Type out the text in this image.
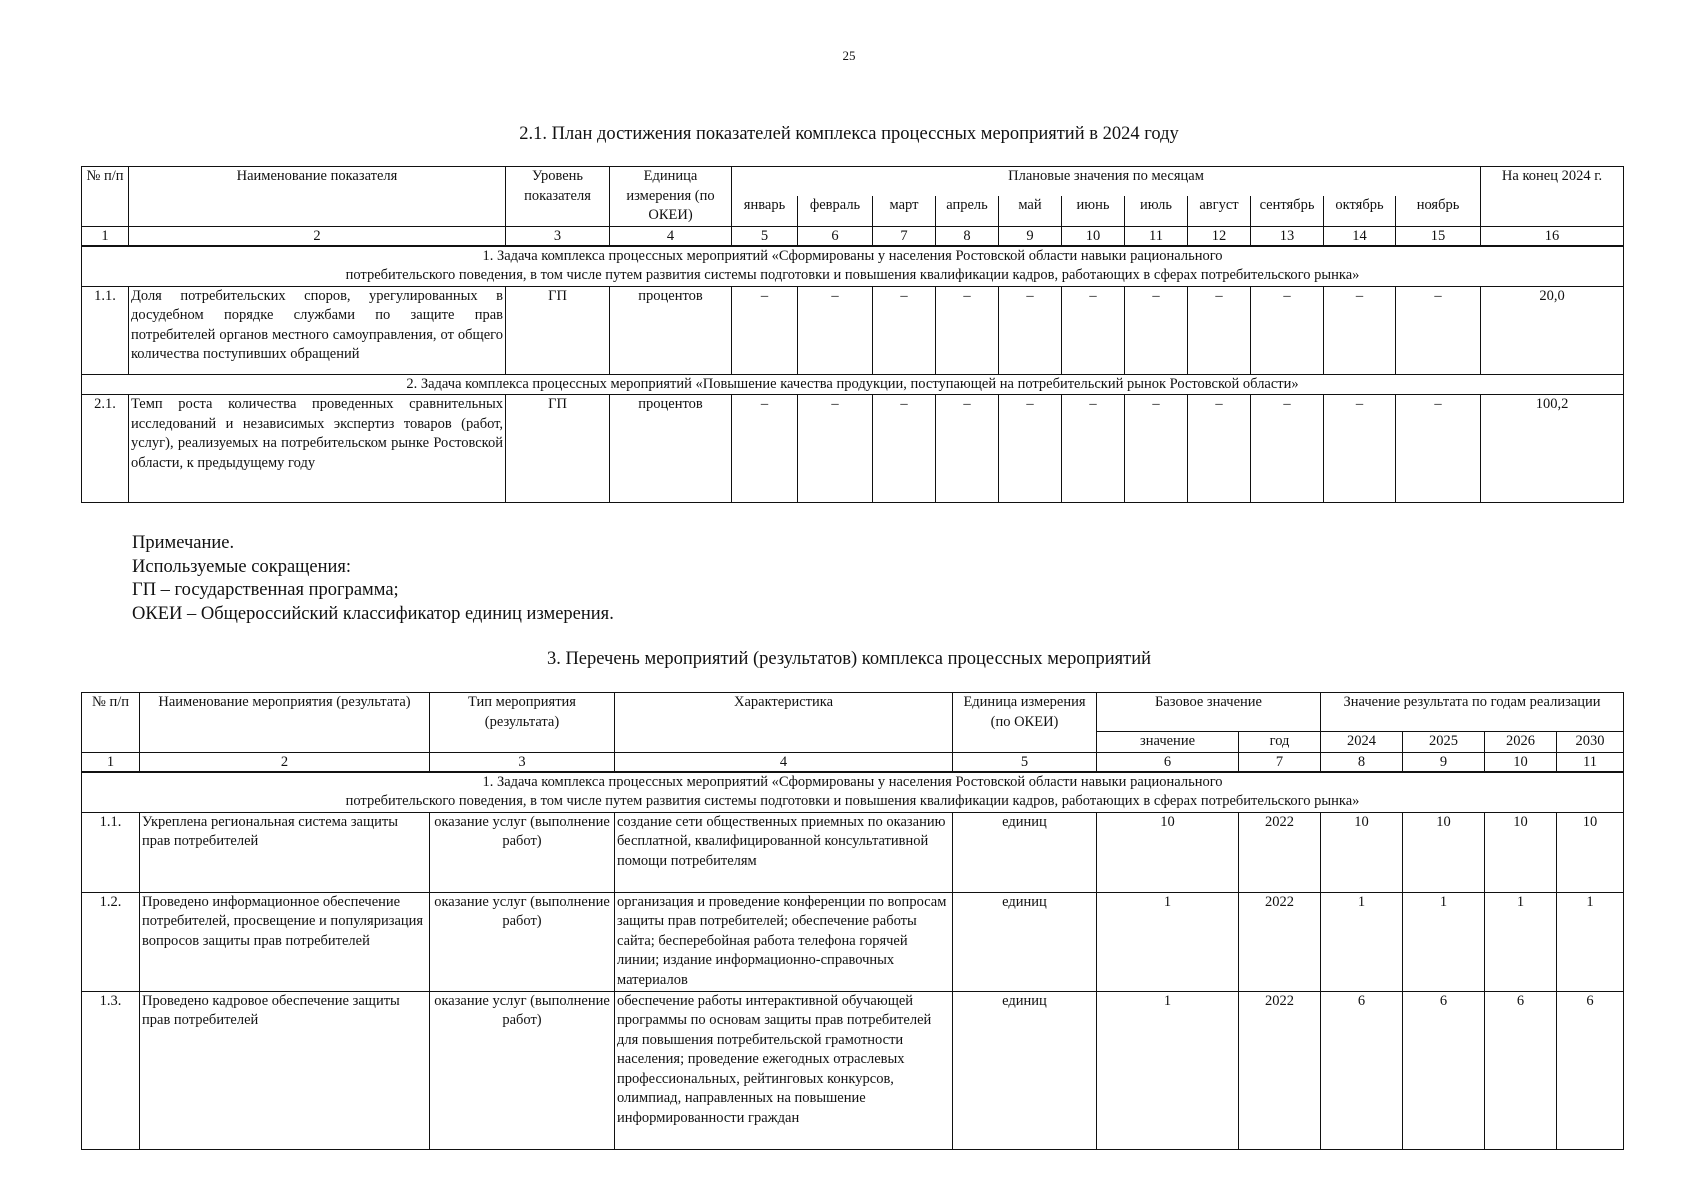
25
2.1. План достижения показателей комплекса процессных мероприятий в 2024 году
№ п/п	Наименование показателя	Уровень показателя	Единица измерения (по ОКЕИ)	Плановые значения по месяцам											На конец 2024 г.
				январь	февраль	март	апрель	май	июнь	июль	август	сентябрь	октябрь	ноябрь	
1	2	3	4	5	6	7	8	9	10	11	12	13	14	15	16

1. Задача комплекса процессных мероприятий «Сформированы у населения Ростовской области навыки рационального
потребительского поведения, в том числе путем развития системы подготовки и повышения квалификации кадров, работающих в сферах потребительского рынка»															

1.1.	Доля потребительских споров, урегулированных в досудебном порядке службами по защите прав потребителей органов местного самоуправления, от общего количества поступивших обращений	ГП	процентов	–	–	–	–	–	–	–	–	–	–	–	20,0
2. Задача комплекса процессных мероприятий «Повышение качества продукции, поступающей на потребительский рынок Ростовской области»															
2.1.	Темп роста количества проведенных сравнительных исследований и независимых экспертиз товаров (работ, услуг), реализуемых на потребительском рынке Ростовской области, к предыдущему году	ГП	процентов	–	–	–	–	–	–	–	–	–	–	–	100,2
Примечание.
Используемые сокращения:
ГП – государственная программа;
ОКЕИ – Общероссийский классификатор единиц измерения.
3. Перечень мероприятий (результатов) комплекса процессных мероприятий
№ п/п	Наименование мероприятия (результата)	Тип мероприятия (результата)	Характеристика	Единица измерения (по ОКЕИ)	Базовое значение		Значение результата по годам реализации			
					значение	год	2024	2025	2026	2030
1	2	3	4	5	6	7	8	9	10	11

1. Задача комплекса процессных мероприятий «Сформированы у населения Ростовской области навыки рационального
потребительского поведения, в том числе путем развития системы подготовки и повышения квалификации кадров, работающих в сферах потребительского рынка»										

1.1.	Укреплена региональная система защиты прав потребителей	оказание услуг (выполнение работ)	создание сети общественных приемных по оказанию бесплатной, квалифицированной консультативной помощи потребителям	единиц	10	2022	10	10	10	10
1.2.	Проведено информационное обеспечение потребителей, просвещение и популяризация вопросов защиты прав потребителей	оказание услуг (выполнение работ)	организация и проведение конференции по вопросам защиты прав потребителей; обеспечение работы сайта; бесперебойная работа телефона горячей линии; издание информационно-справочных материалов	единиц	1	2022	1	1	1	1
1.3.	Проведено кадровое обеспечение защиты прав потребителей	оказание услуг (выполнение работ)	обеспечение работы интерактивной обучающей программы по основам защиты прав потребителей для повышения потребительской грамотности населения; проведение ежегодных отраслевых профессиональных, рейтинговых конкурсов, олимпиад, направленных на повышение информированности граждан	единиц	1	2022	6	6	6	6
